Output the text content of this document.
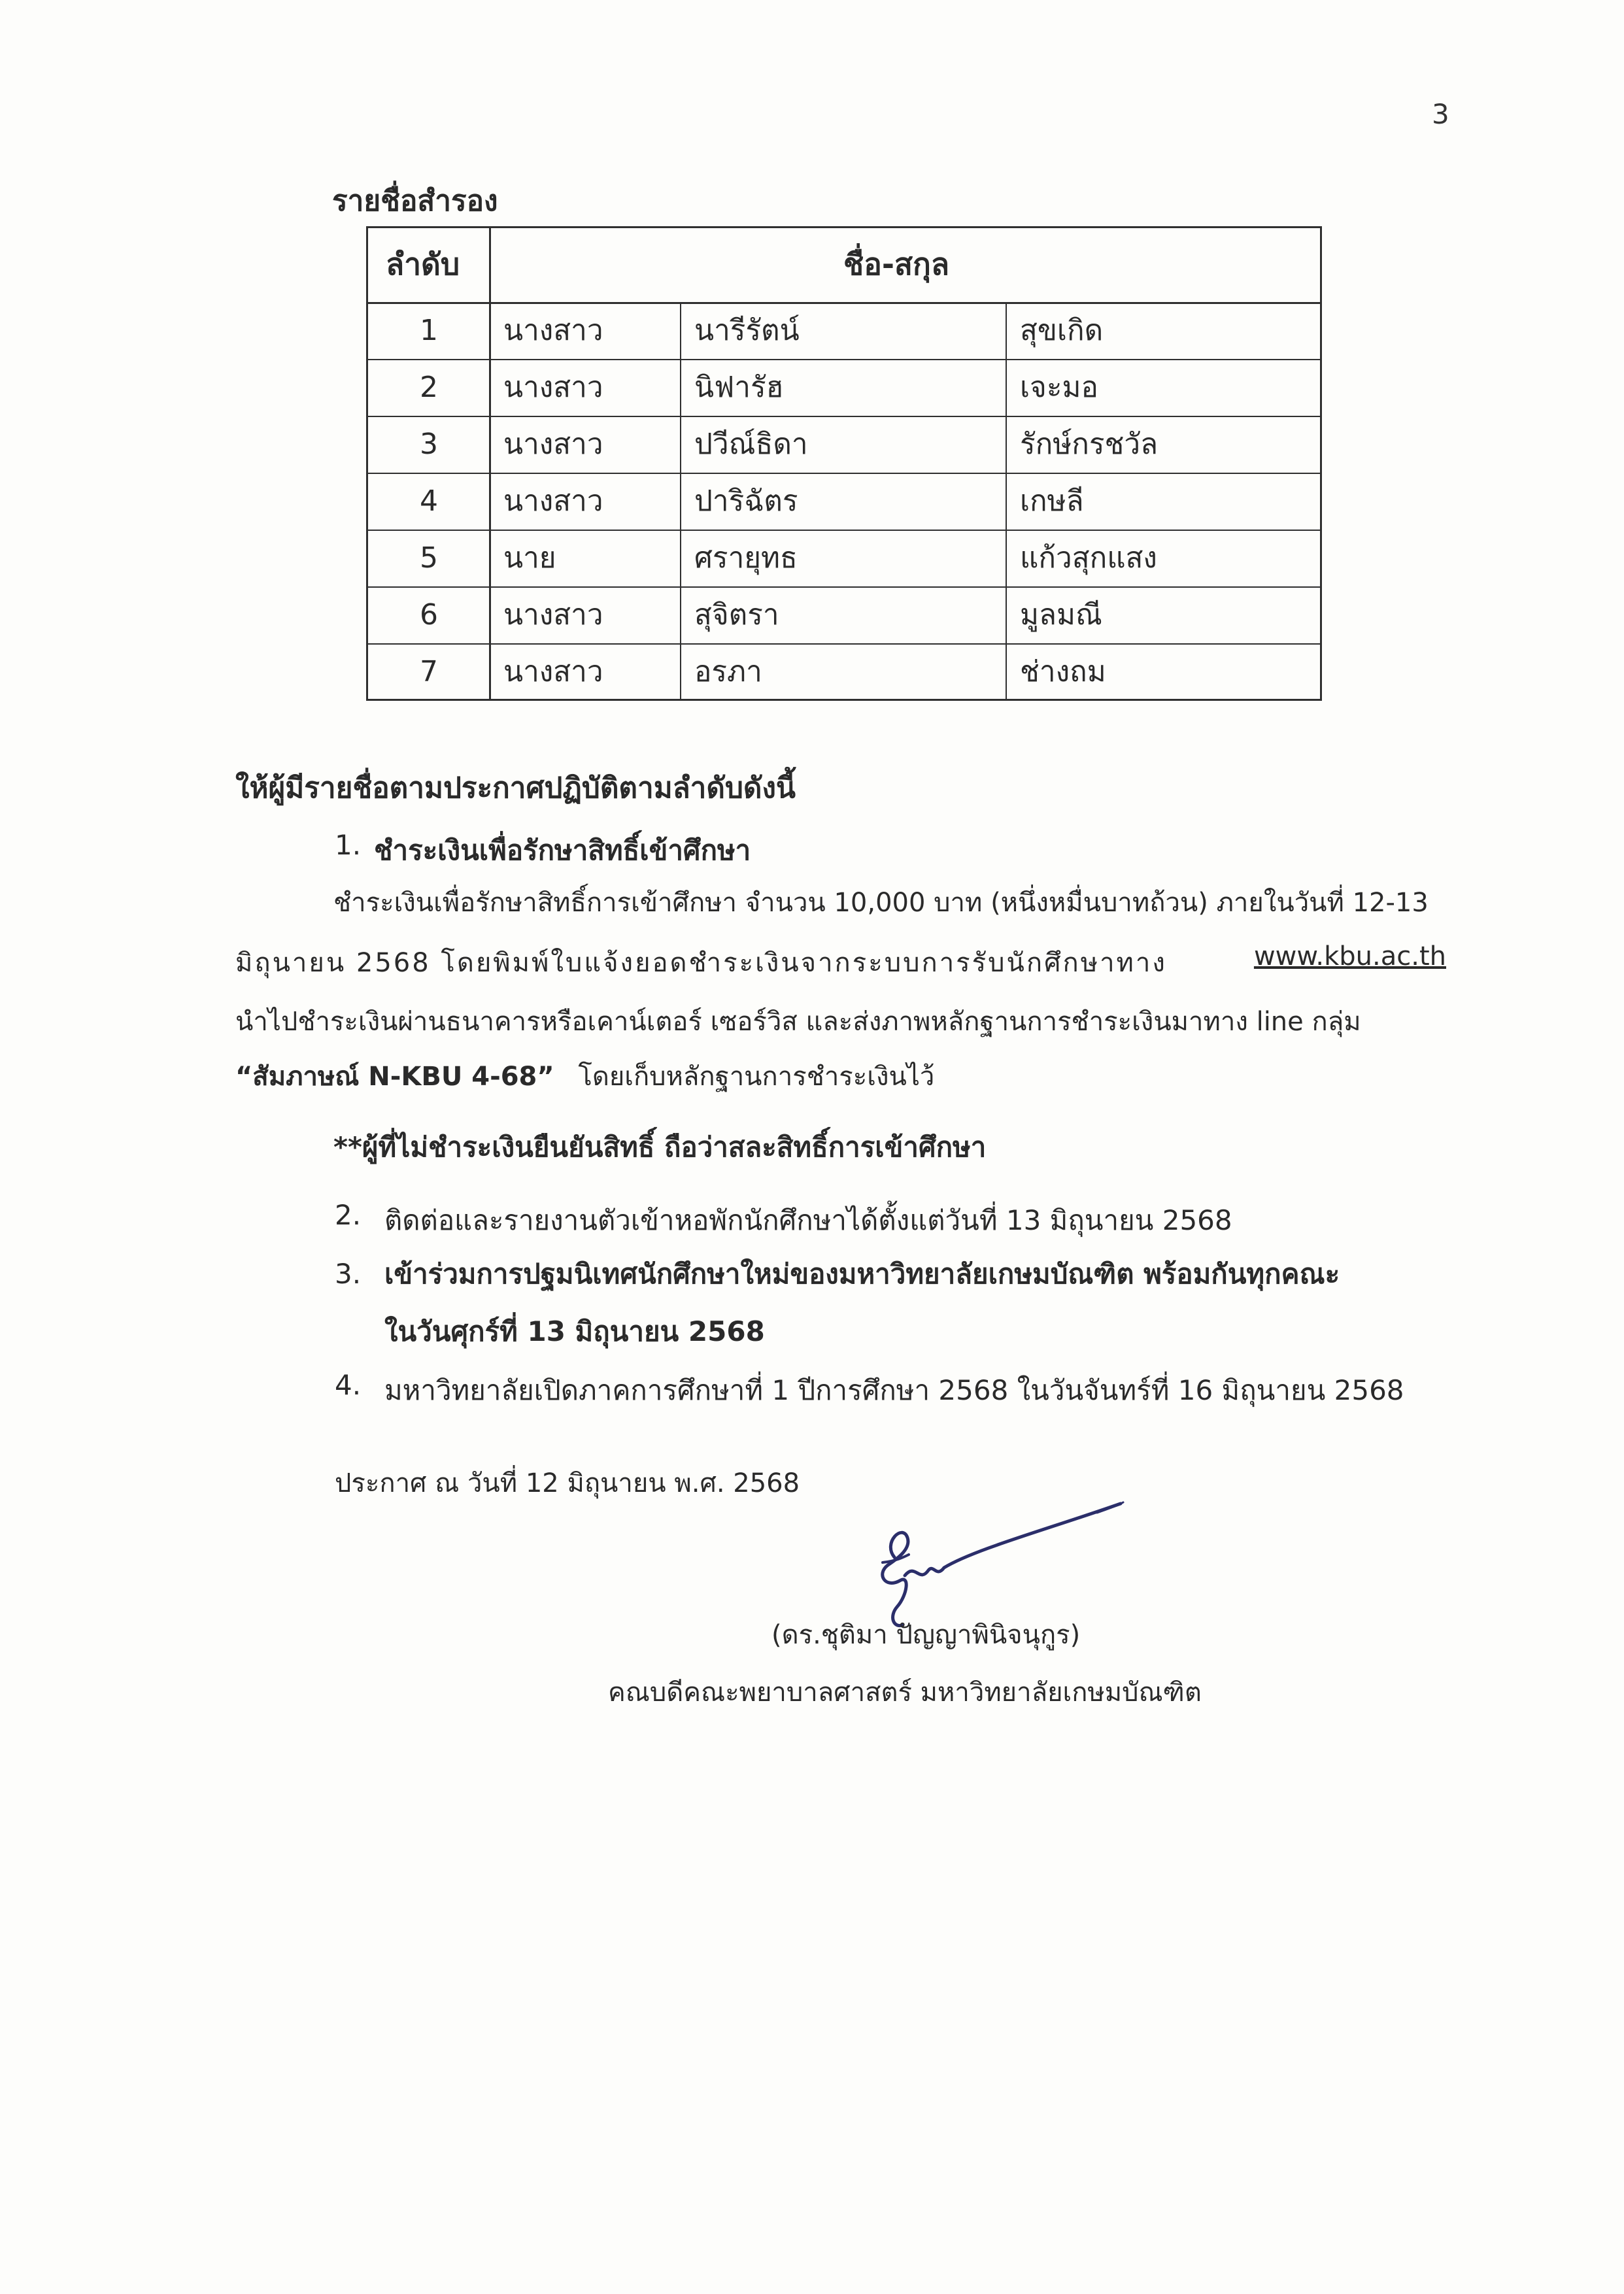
3
รายชื่อสำรอง
ลำดับ	ชื่อ-สกุล
1 นางสาว	นารีรัตน์	สุขเกิด
2 นางสาว	นิฟารัฮ	เจะมอ
3 นางสาว	ปวีณ์ธิดา	รักษ์กรชวัล
4 นางสาว	ปาริฉัตร	เกษลี
5 นาย	ศรายุทธ	แก้วสุกแสง
6 นางสาว	สุจิตรา	มูลมณี
7 นางสาว	อรภา	ช่างถม
ให้ผู้มีรายชื่อตามประกาศปฏิบัติตามลำดับดังนี้
1. ชำระเงินเพื่อรักษาสิทธิ์เข้าศึกษา
ชำระเงินเพื่อรักษาสิทธิ์การเข้าศึกษา จำนวน 10,000 บาท (หนึ่งหมื่นบาทถ้วน) ภายในวันที่ 12-13
มิถุนายน 2568 โดยพิมพ์ใบแจ้งยอดชำระเงินจากระบบการรับนักศึกษาทาง	www.kbu.ac.th
นำไปชำระเงินผ่านธนาคารหรือเคาน์เตอร์ เซอร์วิส และส่งภาพหลักฐานการชำระเงินมาทาง line กลุ่ม
“สัมภาษณ์ N-KBU 4-68” โดยเก็บหลักฐานการชำระเงินไว้
**ผู้ที่ไม่ชำระเงินยืนยันสิทธิ์ ถือว่าสละสิทธิ์การเข้าศึกษา
2. ติดต่อและรายงานตัวเข้าหอพักนักศึกษาได้ตั้งแต่วันที่ 13 มิถุนายน 2568
3. เข้าร่วมการปฐมนิเทศนักศึกษาใหม่ของมหาวิทยาลัยเกษมบัณฑิต พร้อมกันทุกคณะ
ในวันศุกร์ที่ 13 มิถุนายน 2568
4. มหาวิทยาลัยเปิดภาคการศึกษาที่ 1 ปีการศึกษา 2568 ในวันจันทร์ที่ 16 มิถุนายน 2568
ประกาศ ณ วันที่ 12 มิถุนายน พ.ศ. 2568
(ดร.ชุติมา ปัญญาพินิจนุกูร)
คณบดีคณะพยาบาลศาสตร์ มหาวิทยาลัยเกษมบัณฑิต
